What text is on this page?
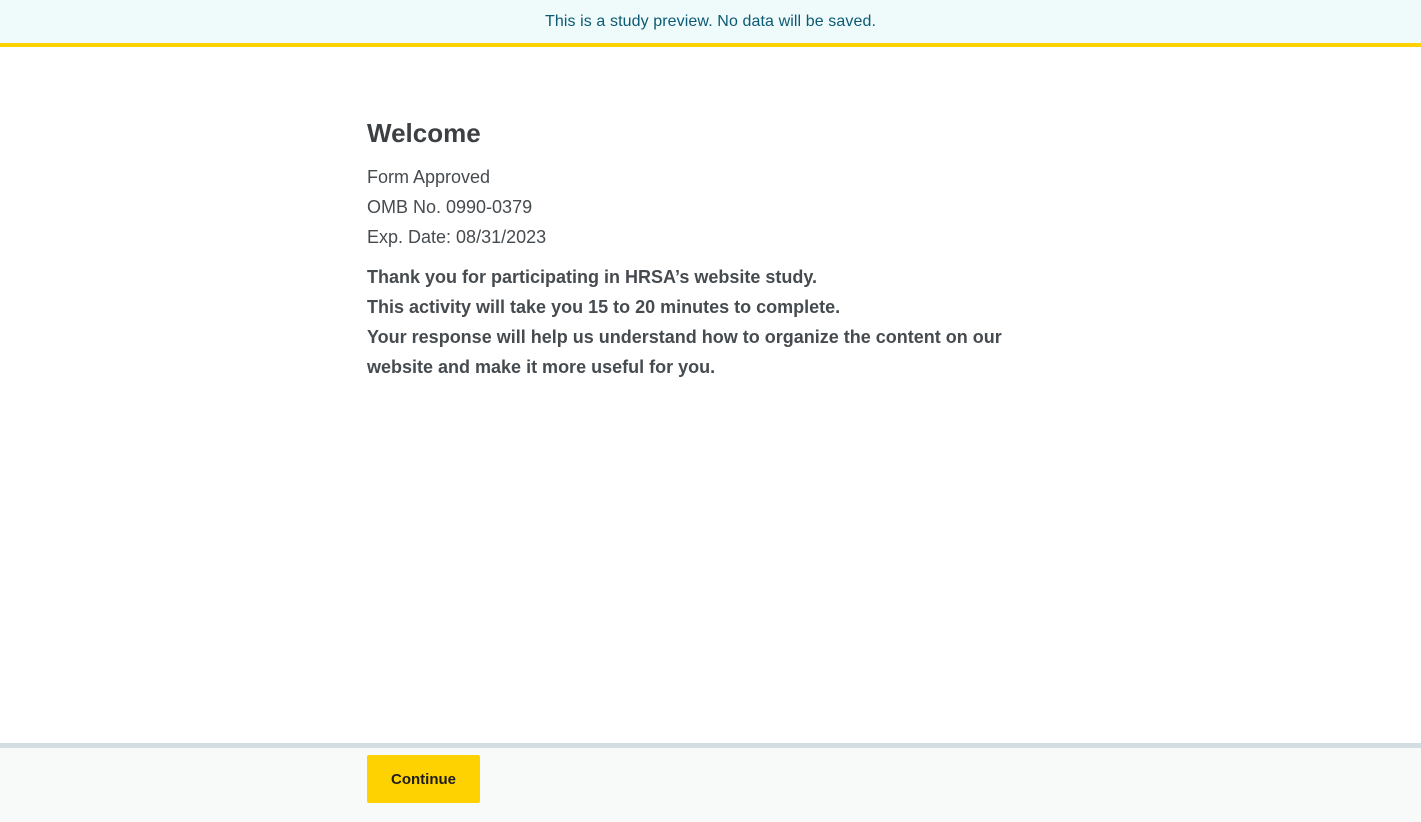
This is a study preview. No data will be saved.
Welcome

Form Approved

OMB No. 0990-0379

Exp. Date: 08/31/2023

Thank you for participating in HRSA’s website study.

This activity will take you 15 to 20 minutes to complete.

Your response will help us understand how to organize the content on our website and make it more useful for you.

Continue
